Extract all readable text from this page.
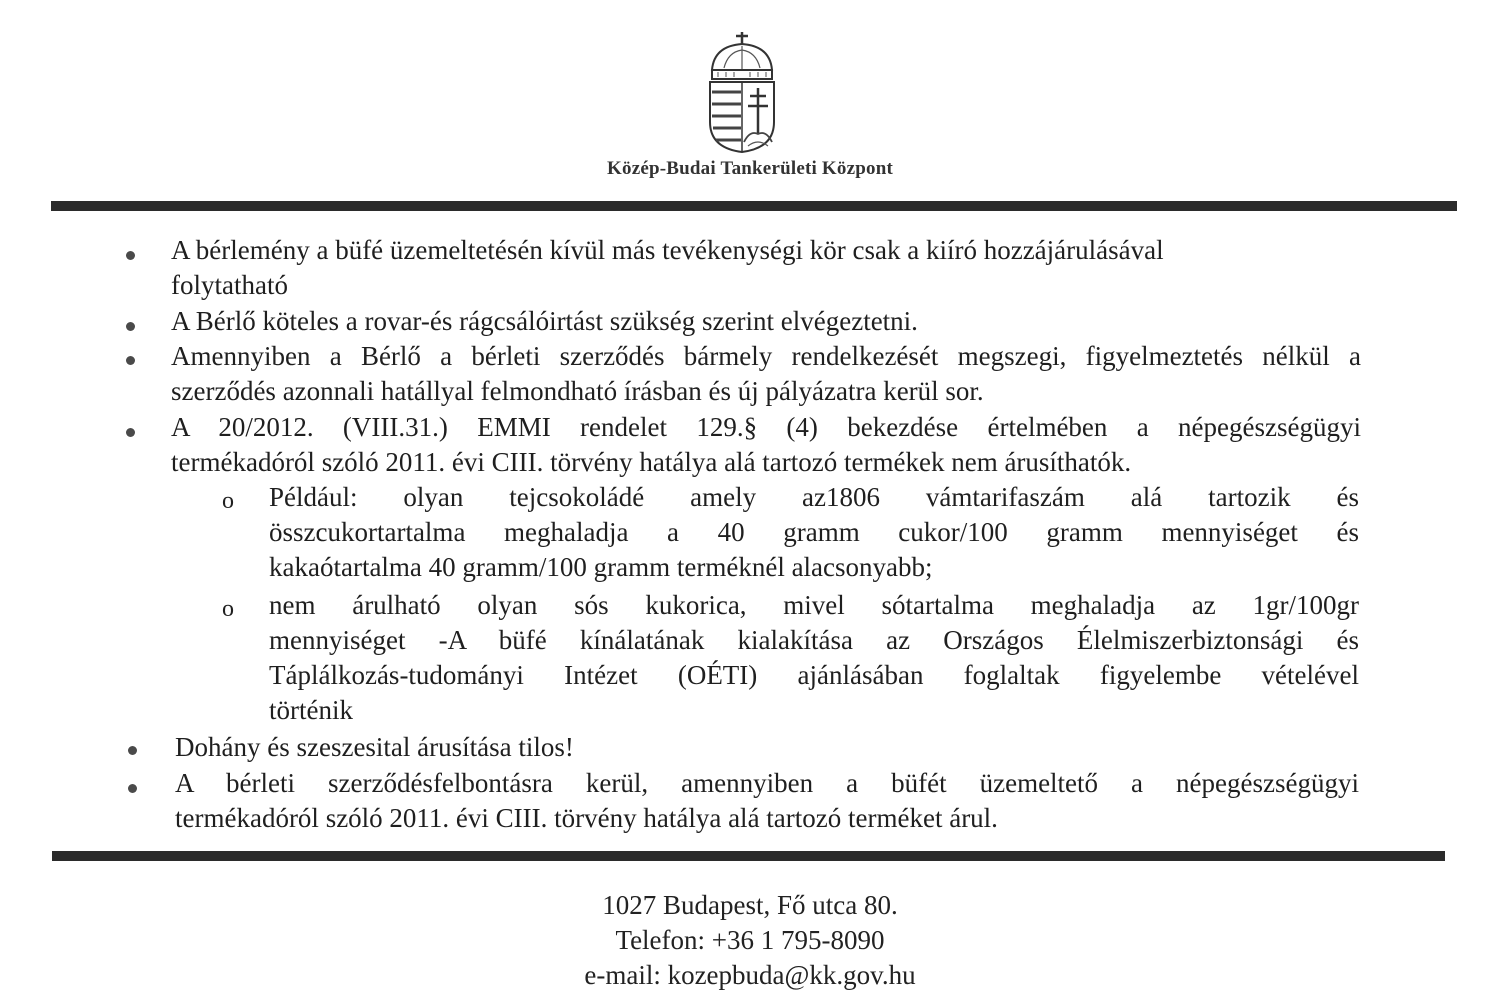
Közép-Budai Tankerületi Központ
A bérlemény a büfé üzemeltetésén kívül más tevékenységi kör csak a kiíró hozzájárulásával
folytatható
A Bérlő köteles a rovar-és rágcsálóirtást szükség szerint elvégeztetni.
Amennyiben a Bérlő a bérleti szerződés bármely rendelkezését megszegi, figyelmeztetés nélkül a
szerződés azonnali hatállyal felmondható írásban és új pályázatra kerül sor.
A 20/2012. (VIII.31.) EMMI rendelet 129.§ (4) bekezdése értelmében a népegészségügyi
termékadóról szóló 2011. évi CIII. törvény hatálya alá tartozó termékek nem árusíthatók.
o Például: olyan tejcsokoládé amely az1806 vámtarifaszám alá tartozik és
összcukortartalma meghaladja a 40 gramm cukor/100 gramm mennyiséget és
kakaótartalma 40 gramm/100 gramm terméknél alacsonyabb;
o nem árulható olyan sós kukorica, mivel sótartalma meghaladja az 1gr/100gr
mennyiséget -A büfé kínálatának kialakítása az Országos Élelmiszerbiztonsági és
Táplálkozás-tudományi Intézet (OÉTI) ajánlásában foglaltak figyelembe vételével
történik
Dohány és szeszesital árusítása tilos!
A bérleti szerződésfelbontásra kerül, amennyiben a büfét üzemeltető a népegészségügyi
termékadóról szóló 2011. évi CIII. törvény hatálya alá tartozó terméket árul.
1027 Budapest, Fő utca 80.
Telefon: +36 1 795-8090
e-mail: kozepbuda@kk.gov.hu
